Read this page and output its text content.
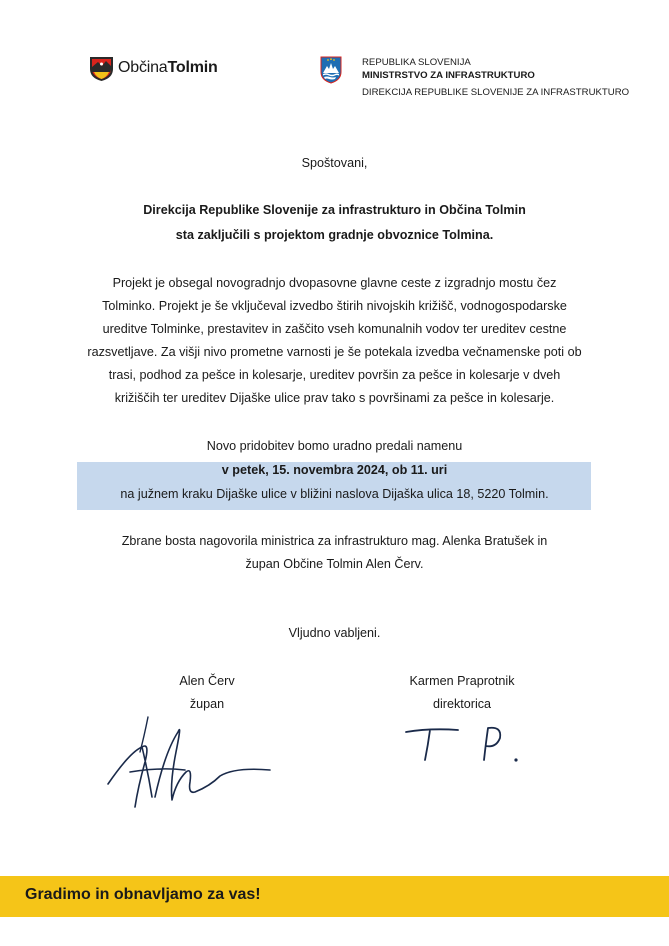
ObčinaTolmin	REPUBLIKA SLOVENIJA
MINISTRSTVO ZA INFRASTRUKTURO
DIREKCIJA REPUBLIKE SLOVENIJE ZA INFRASTRUKTURO
Spoštovani,
Direkcija Republike Slovenije za infrastrukturo in Občina Tolmin
sta zaključili s projektom gradnje obvoznice Tolmina.
Projekt je obsegal novogradnjo dvopasovne glavne ceste z izgradnjo mostu čez
Tolminko. Projekt je še vključeval izvedbo štirih nivojskih križišč, vodnogospodarske
ureditve Tolminke, prestavitev in zaščito vseh komunalnih vodov ter ureditev cestne
razsvetljave. Za višji nivo prometne varnosti je še potekala izvedba večnamenske poti ob
trasi, podhod za pešce in kolesarje, ureditev površin za pešce in kolesarje v dveh
križiščih ter ureditev Dijaške ulice prav tako s površinami za pešce in kolesarje.
Novo pridobitev bomo uradno predali namenu
v petek, 15. novembra 2024, ob 11. uri
na južnem kraku Dijaške ulice v bližini naslova Dijaška ulica 18, 5220 Tolmin.
Zbrane bosta nagovorila ministrica za infrastrukturo mag. Alenka Bratušek in
župan Občine Tolmin Alen Červ.
Vljudno vabljeni.
Alen Červ
župan
Karmen Praprotnik
direktorica
Gradimo in obnavljamo za vas!
